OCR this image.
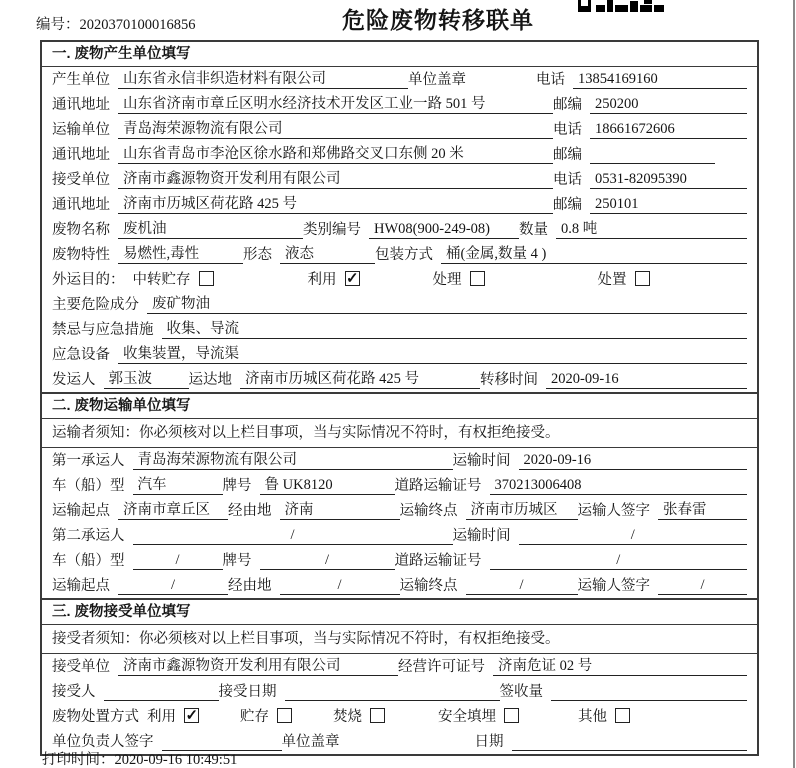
编号：2020370100016856	危险废物转移联单
一. 废物产生单位填写
产生单位 山东省永信非织造材料有限公司	单位盖章	电话 13854169160
通讯地址 山东省济南市章丘区明水经济技术开发区工业一路 501 号	邮编 250200
运输单位 青岛海荣源物流有限公司	电话 18661672606
通讯地址 山东省青岛市李沧区徐水路和郑佛路交叉口东侧 20 米	邮编
接受单位 济南市鑫源物资开发利用有限公司	电话 0531-82095390
通讯地址 济南市历城区荷花路 425 号	邮编 250101
废物名称 废机油	类别编号 HW08(900-249-08)	数量 0.8 吨
废物特性 易燃性,毒性	形态 液态	包装方式 桶(金属,数量 4 )
外运目的： 中转贮存	利用 ✓	处理	处置
主要危险成分 废矿物油
禁忌与应急措施 收集、导流
应急设备 收集装置，导流渠
发运人 郭玉波	运达地 济南市历城区荷花路 425 号	转移时间 2020-09-16
二. 废物运输单位填写
运输者须知：你必须核对以上栏目事项，当与实际情况不符时，有权拒绝接受。
第一承运人 青岛海荣源物流有限公司	运输时间 2020-09-16
车（船）型 汽车	牌号 鲁 UK8120	道路运输证号 370213006408
运输起点 济南市章丘区	经由地 济南	运输终点 济南市历城区	运输人签字 张春雷
第二承运人	/	运输时间	/
车（船）型	/	牌号	/	道路运输证号	/
运输起点	/	经由地	/	运输终点	/	运输人签字	/
三. 废物接受单位填写
接受者须知：你必须核对以上栏目事项，当与实际情况不符时，有权拒绝接受。
接受单位 济南市鑫源物资开发利用有限公司	经营许可证号 济南危证 02 号
接受人	接受日期	签收量
废物处置方式 利用 ✓	贮存	焚烧	安全填埋	其他
单位负责人签字	单位盖章	日期
打印时间：2020-09-16 10:49:51
